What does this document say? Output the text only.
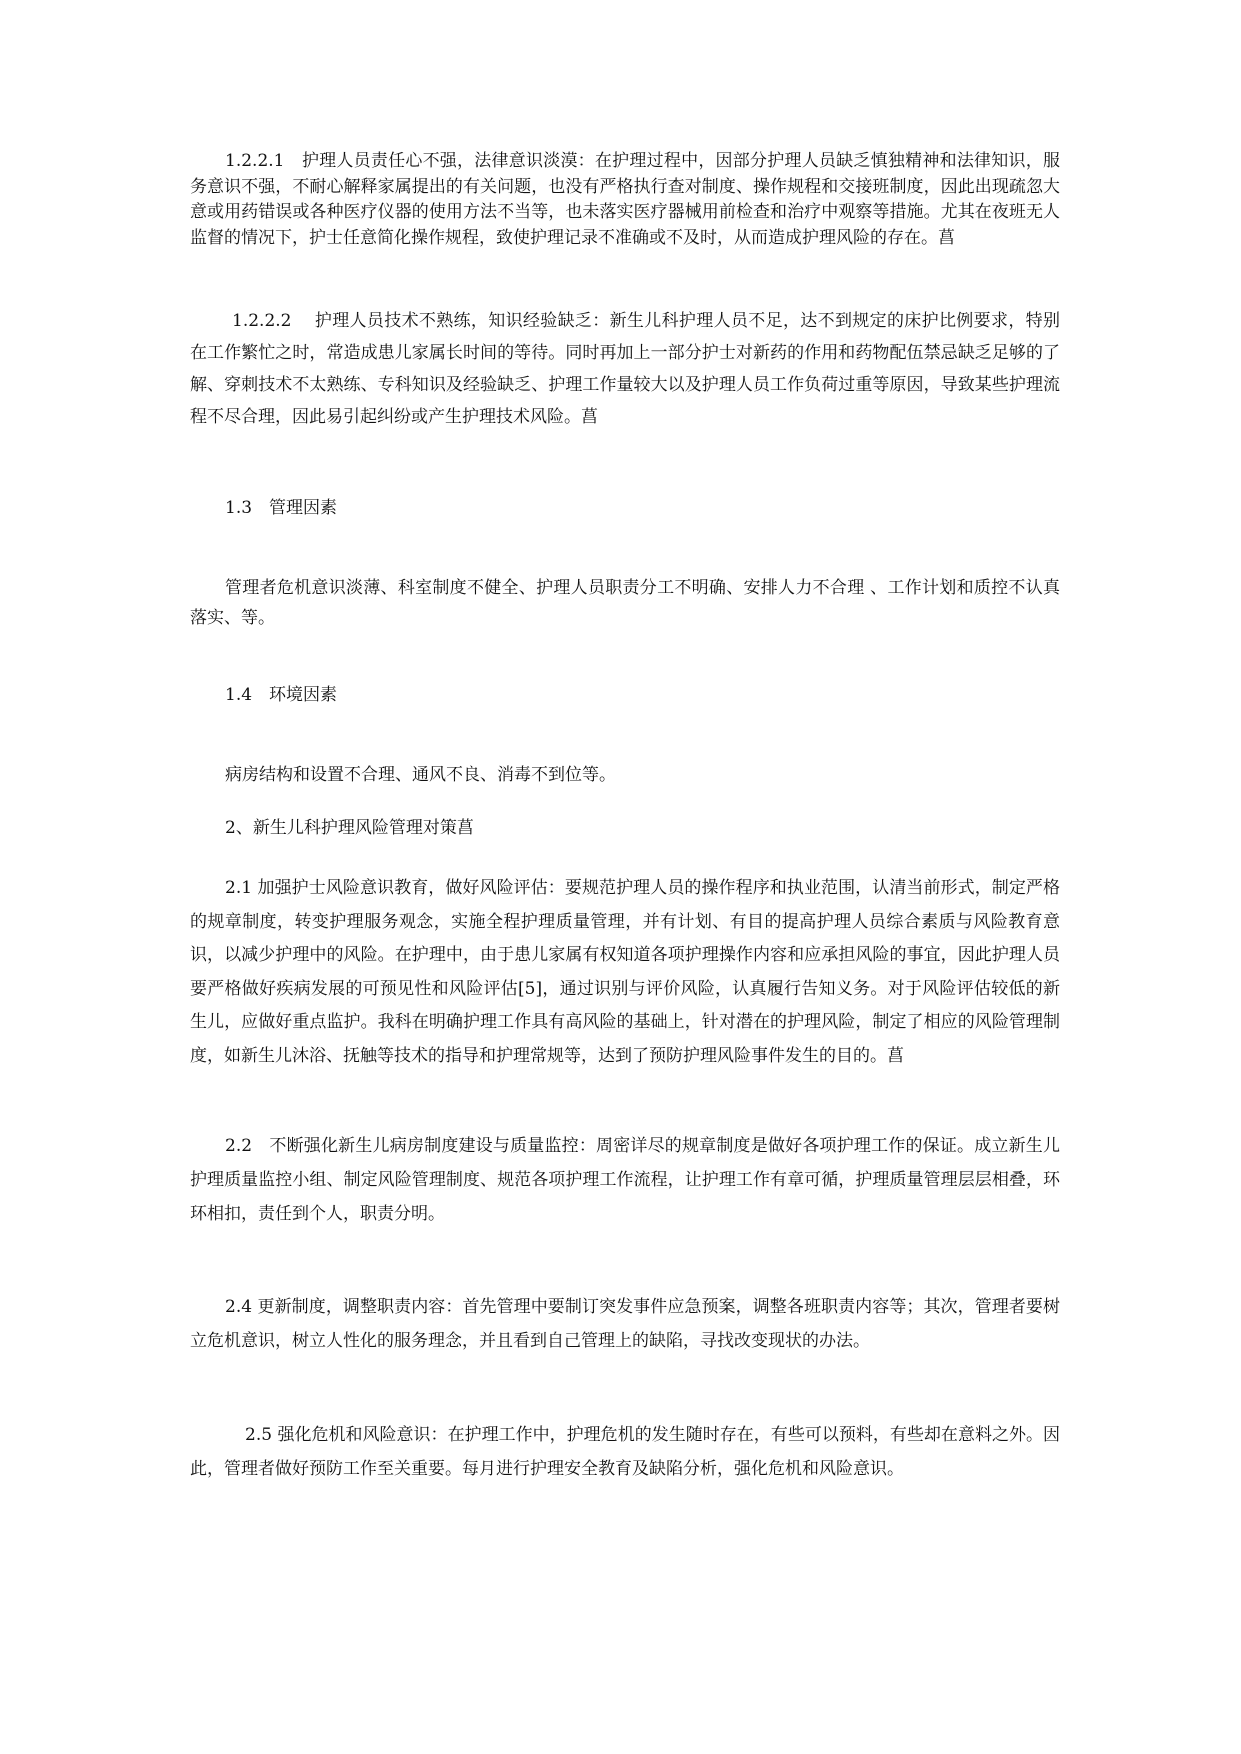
1.2.2.1　护理人员责任心不强，法律意识淡漠：在护理过程中，因部分护理人员缺乏慎独精神和法律知识，服务意识不强，不耐心解释家属提出的有关问题，也没有严格执行查对制度、操作规程和交接班制度，因此出现疏忽大意或用药错误或各种医疗仪器的使用方法不当等，也未落实医疗器械用前检查和治疗中观察等措施。尤其在夜班无人监督的情况下，护士任意简化操作规程，致使护理记录不准确或不及时，从而造成护理风险的存在。菖

1.2.2.2　 护理人员技术不熟练，知识经验缺乏：新生儿科护理人员不足，达不到规定的床护比例要求，特别在工作繁忙之时，常造成患儿家属长时间的等待。同时再加上一部分护士对新药的作用和药物配伍禁忌缺乏足够的了解、穿刺技术不太熟练、专科知识及经验缺乏、护理工作量较大以及护理人员工作负荷过重等原因，导致某些护理流程不尽合理，因此易引起纠纷或产生护理技术风险。菖

1.3　管理因素

管理者危机意识淡薄、科室制度不健全、护理人员职责分工不明确、安排人力不合理 、工作计划和质控不认真落实、等。

1.4　环境因素

病房结构和设置不合理、通风不良、消毒不到位等。

2、新生儿科护理风险管理对策菖

2.1 加强护士风险意识教育，做好风险评估：要规范护理人员的操作程序和执业范围，认清当前形式，制定严格的规章制度，转变护理服务观念，实施全程护理质量管理，并有计划、有目的提高护理人员综合素质与风险教育意识，以减少护理中的风险。在护理中，由于患儿家属有权知道各项护理操作内容和应承担风险的事宜，因此护理人员要严格做好疾病发展的可预见性和风险评估[5]，通过识别与评价风险，认真履行告知义务。对于风险评估较低的新生儿，应做好重点监护。我科在明确护理工作具有高风险的基础上，针对潜在的护理风险，制定了相应的风险管理制度，如新生儿沐浴、抚触等技术的指导和护理常规等，达到了预防护理风险事件发生的目的。菖

2.2　不断强化新生儿病房制度建设与质量监控：周密详尽的规章制度是做好各项护理工作的保证。成立新生儿护理质量监控小组、制定风险管理制度、规范各项护理工作流程，让护理工作有章可循，护理质量管理层层相叠，环环相扣，责任到个人，职责分明。

2.4 更新制度，调整职责内容：首先管理中要制订突发事件应急预案，调整各班职责内容等；其次，管理者要树立危机意识，树立人性化的服务理念，并且看到自己管理上的缺陷，寻找改变现状的办法。

2.5 强化危机和风险意识：在护理工作中，护理危机的发生随时存在，有些可以预料，有些却在意料之外。因此，管理者做好预防工作至关重要。每月进行护理安全教育及缺陷分析，强化危机和风险意识。
